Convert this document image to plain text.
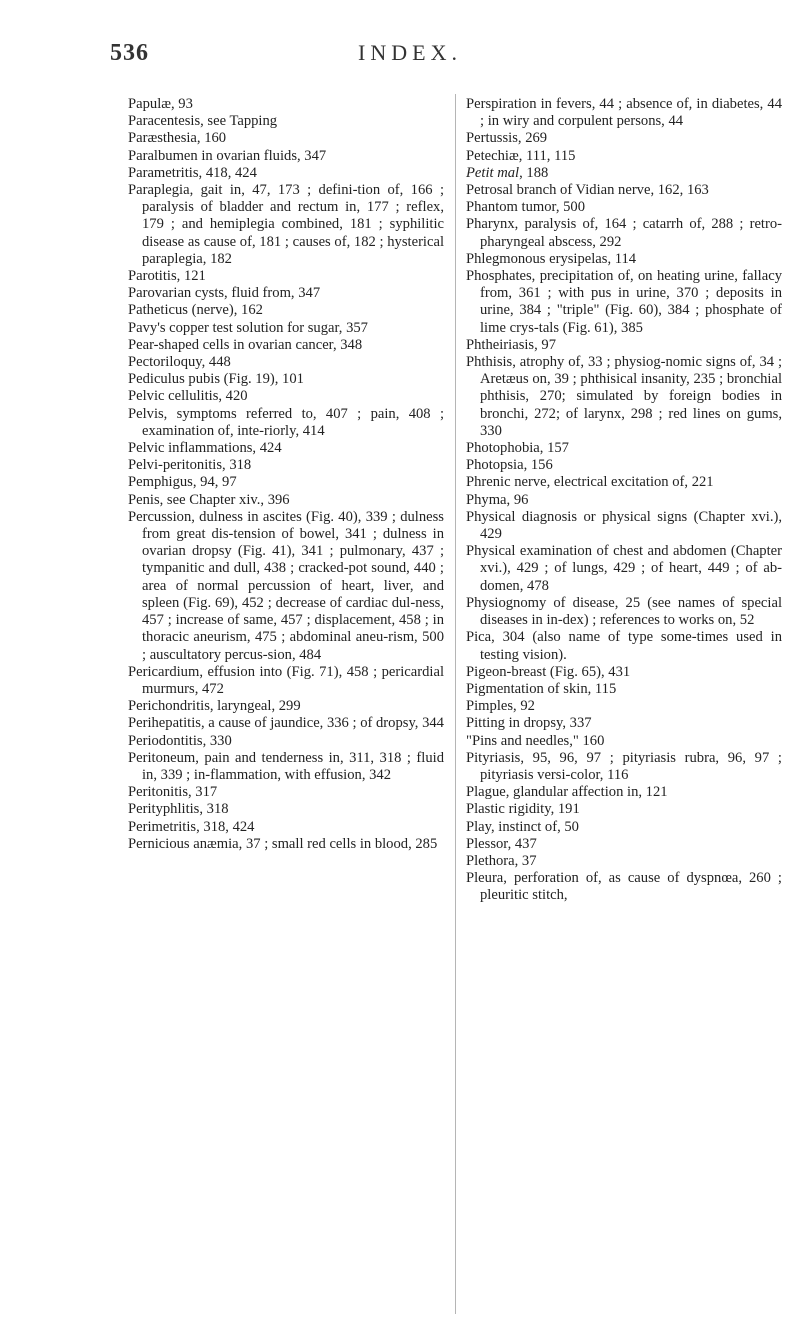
536	INDEX.

Papulæ, 93

Paracentesis, see Tapping

Paræsthesia, 160

Paralbumen in ovarian fluids, 347

Parametritis, 418, 424

Paraplegia, gait in, 47, 173 ; defini-tion of, 166 ; paralysis of bladder and rectum in, 177 ; reflex, 179 ; and hemiplegia combined, 181 ; syphilitic disease as cause of, 181 ; causes of, 182 ; hysterical paraplegia, 182

Parotitis, 121

Parovarian cysts, fluid from, 347

Patheticus (nerve), 162

Pavy's copper test solution for sugar, 357

Pear-shaped cells in ovarian cancer, 348

Pectoriloquy, 448

Pediculus pubis (Fig. 19), 101

Pelvic cellulitis, 420

Pelvis, symptoms referred to, 407 ; pain, 408 ; examination of, inte-riorly, 414

Pelvic inflammations, 424

Pelvi-peritonitis, 318

Pemphigus, 94, 97

Penis, see Chapter xiv., 396

Percussion, dulness in ascites (Fig. 40), 339 ; dulness from great dis-tension of bowel, 341 ; dulness in ovarian dropsy (Fig. 41), 341 ; pulmonary, 437 ; tympanitic and dull, 438 ; cracked-pot sound, 440 ; area of normal percussion of heart, liver, and spleen (Fig. 69), 452 ; decrease of cardiac dul-ness, 457 ; increase of same, 457 ; displacement, 458 ; in thoracic aneurism, 475 ; abdominal aneu-rism, 500 ; auscultatory percus-sion, 484

Pericardium, effusion into (Fig. 71), 458 ; pericardial murmurs, 472

Perichondritis, laryngeal, 299

Perihepatitis, a cause of jaundice, 336 ; of dropsy, 344

Periodontitis, 330

Peritoneum, pain and tenderness in, 311, 318 ; fluid in, 339 ; in-flammation, with effusion, 342

Peritonitis, 317

Perityphlitis, 318

Perimetritis, 318, 424

Pernicious anæmia, 37 ; small red cells in blood, 285

Perspiration in fevers, 44 ; absence of, in diabetes, 44 ; in wiry and corpulent persons, 44

Pertussis, 269

Petechiæ, 111, 115

Petit mal, 188

Petrosal branch of Vidian nerve, 162, 163

Phantom tumor, 500

Pharynx, paralysis of, 164 ; catarrh of, 288 ; retro-pharyngeal abscess, 292

Phlegmonous erysipelas, 114

Phosphates, precipitation of, on heating urine, fallacy from, 361 ; with pus in urine, 370 ; deposits in urine, 384 ; "triple" (Fig. 60), 384 ; phosphate of lime crys-tals (Fig. 61), 385

Phtheiriasis, 97

Phthisis, atrophy of, 33 ; physiog-nomic signs of, 34 ; Aretæus on, 39 ; phthisical insanity, 235 ; bronchial phthisis, 270; simulated by foreign bodies in bronchi, 272; of larynx, 298 ; red lines on gums, 330

Photophobia, 157

Photopsia, 156

Phrenic nerve, electrical excitation of, 221

Phyma, 96

Physical diagnosis or physical signs (Chapter xvi.), 429

Physical examination of chest and abdomen (Chapter xvi.), 429 ; of lungs, 429 ; of heart, 449 ; of ab-domen, 478

Physiognomy of disease, 25 (see names of special diseases in in-dex) ; references to works on, 52

Pica, 304 (also name of type some-times used in testing vision).

Pigeon-breast (Fig. 65), 431

Pigmentation of skin, 115

Pimples, 92

Pitting in dropsy, 337

"Pins and needles," 160

Pityriasis, 95, 96, 97 ; pityriasis rubra, 96, 97 ; pityriasis versi-color, 116

Plague, glandular affection in, 121

Plastic rigidity, 191

Play, instinct of, 50

Plessor, 437

Plethora, 37

Pleura, perforation of, as cause of dyspnœa, 260 ; pleuritic stitch,
